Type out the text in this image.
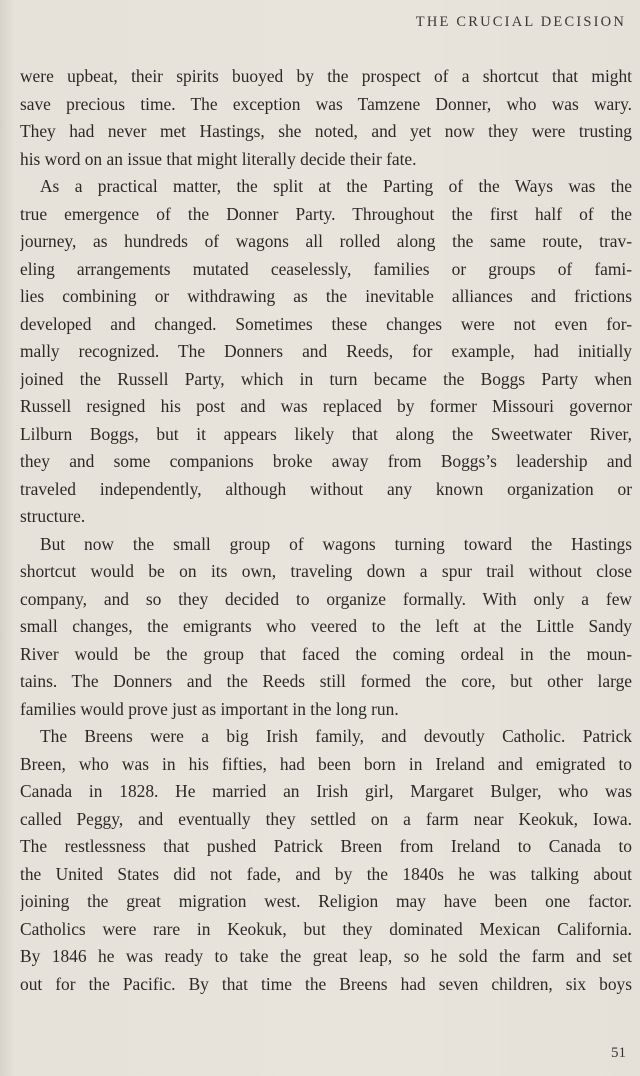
THE CRUCIAL DECISION
were upbeat, their spirits buoyed by the prospect of a shortcut that might
save precious time. The exception was Tamzene Donner, who was wary.
They had never met Hastings, she noted, and yet now they were trusting
his word on an issue that might literally decide their fate.
As a practical matter, the split at the Parting of the Ways was the
true emergence of the Donner Party. Throughout the first half of the
journey, as hundreds of wagons all rolled along the same route, trav-
eling arrangements mutated ceaselessly, families or groups of fami-
lies combining or withdrawing as the inevitable alliances and frictions
developed and changed. Sometimes these changes were not even for-
mally recognized. The Donners and Reeds, for example, had initially
joined the Russell Party, which in turn became the Boggs Party when
Russell resigned his post and was replaced by former Missouri governor
Lilburn Boggs, but it appears likely that along the Sweetwater River,
they and some companions broke away from Boggs’s leadership and
traveled independently, although without any known organization or
structure.
But now the small group of wagons turning toward the Hastings
shortcut would be on its own, traveling down a spur trail without close
company, and so they decided to organize formally. With only a few
small changes, the emigrants who veered to the left at the Little Sandy
River would be the group that faced the coming ordeal in the moun-
tains. The Donners and the Reeds still formed the core, but other large
families would prove just as important in the long run.
The Breens were a big Irish family, and devoutly Catholic. Patrick
Breen, who was in his fifties, had been born in Ireland and emigrated to
Canada in 1828. He married an Irish girl, Margaret Bulger, who was
called Peggy, and eventually they settled on a farm near Keokuk, Iowa.
The restlessness that pushed Patrick Breen from Ireland to Canada to
the United States did not fade, and by the 1840s he was talking about
joining the great migration west. Religion may have been one factor.
Catholics were rare in Keokuk, but they dominated Mexican California.
By 1846 he was ready to take the great leap, so he sold the farm and set
out for the Pacific. By that time the Breens had seven children, six boys
51
